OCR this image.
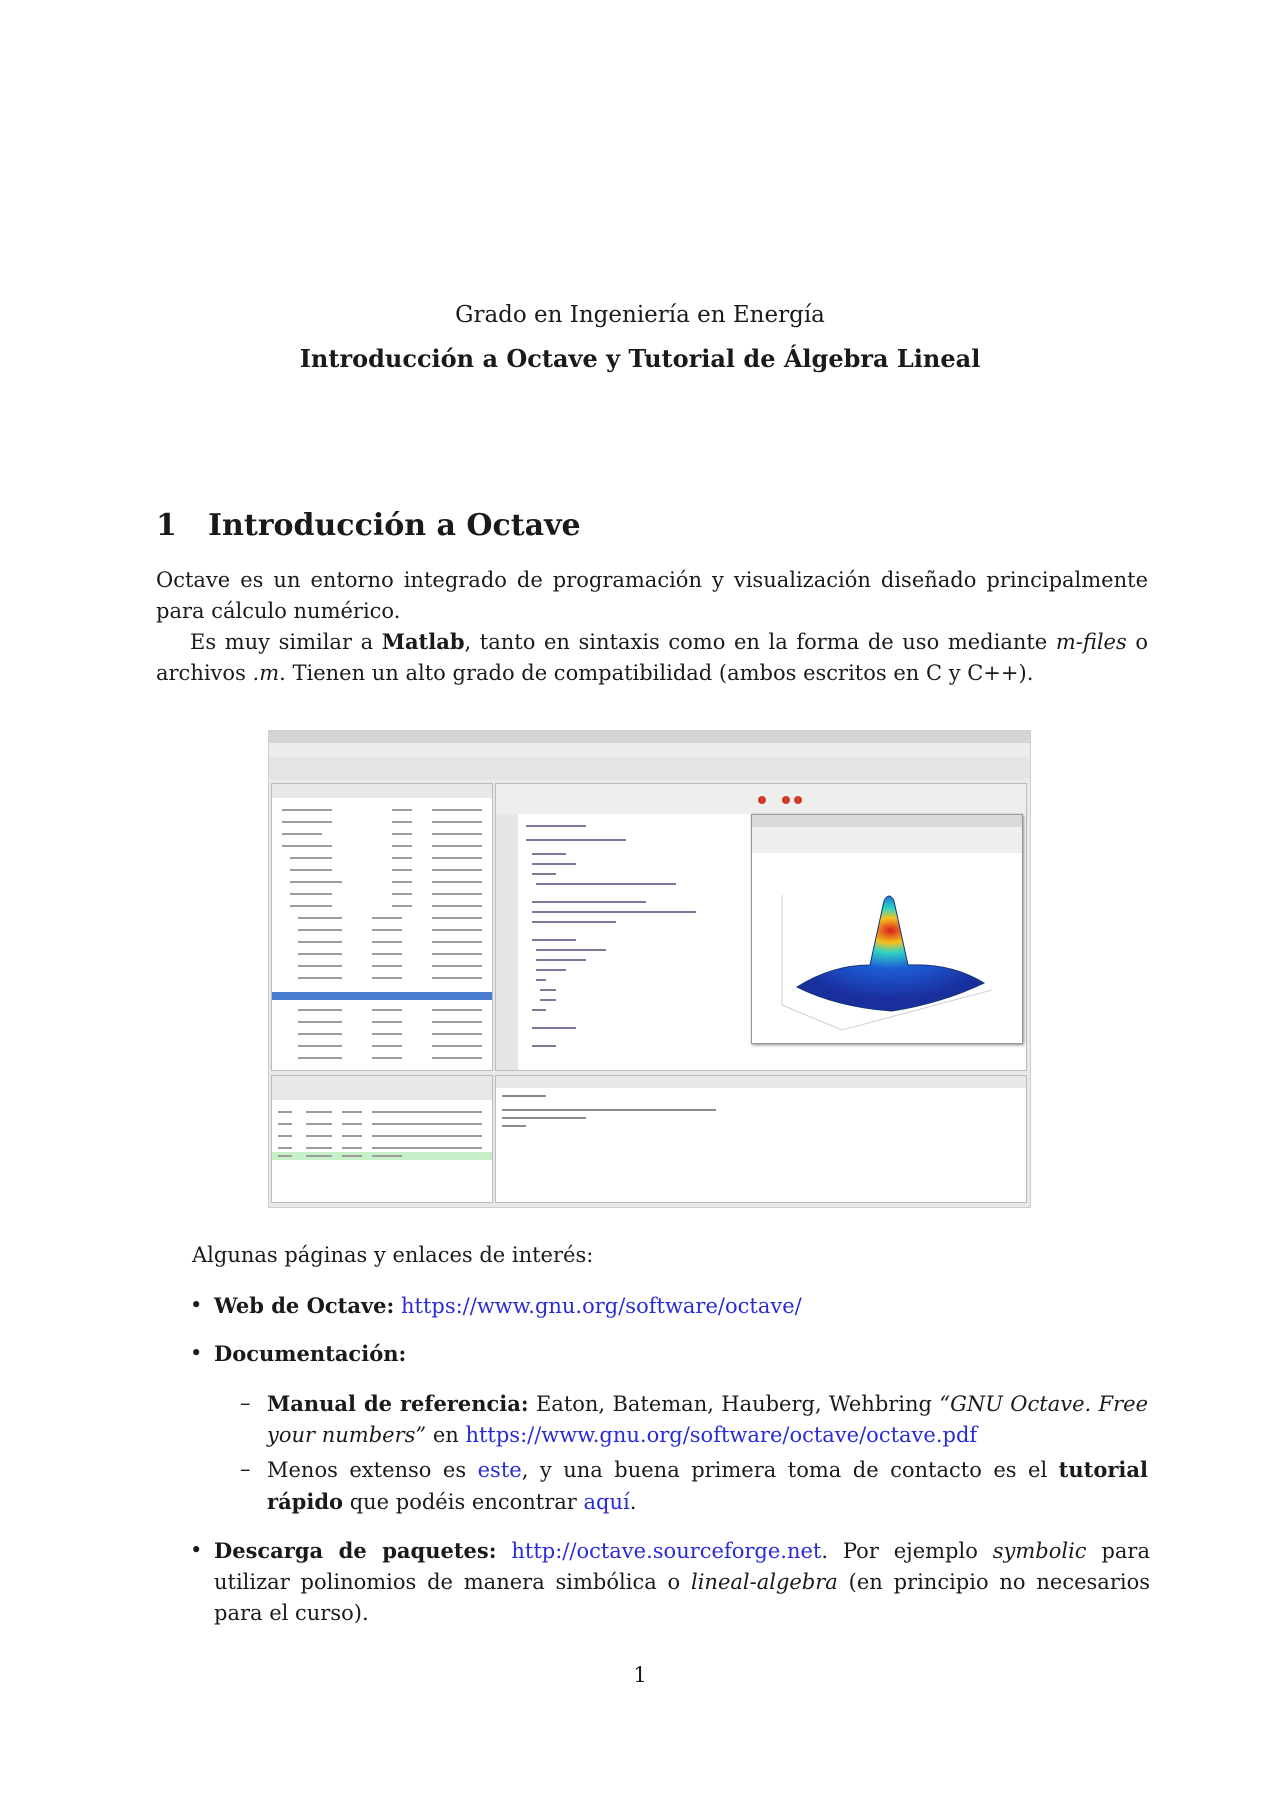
Grado en Ingeniería en Energía
Introducción a Octave y Tutorial de Álgebra Lineal
1 Introducción a Octave
Octave es un entorno integrado de programación y visualización diseñado principalmente para cálculo numérico.
Es muy similar a Matlab, tanto en sintaxis como en la forma de uso mediante m-files o archivos .m. Tienen un alto grado de compatibilidad (ambos escritos en C y C++).
Algunas páginas y enlaces de interés:
• Web de Octave: https://www.gnu.org/software/octave/
• Documentación:
– Manual de referencia: Eaton, Bateman, Hauberg, Wehbring “GNU Octave. Free your numbers” en https://www.gnu.org/software/octave/octave.pdf
– Menos extenso es este, y una buena primera toma de contacto es el tutorial rápido que podéis encontrar aquí.
• Descarga de paquetes: http://octave.sourceforge.net. Por ejemplo symbolic para utilizar polinomios de manera simbólica o lineal-algebra (en principio no necesarios para el curso).
1
